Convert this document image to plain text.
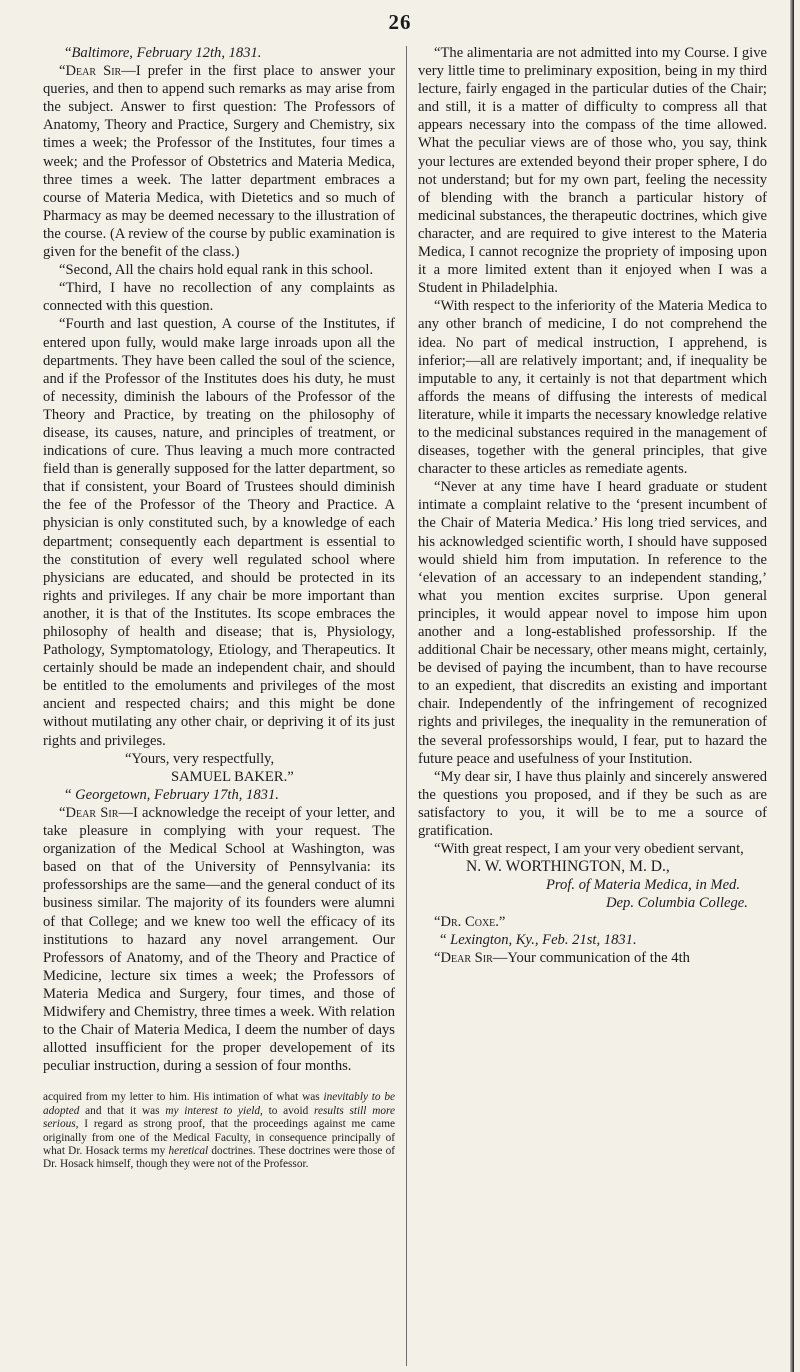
26

“Baltimore, February 12th, 1831.

“Dear Sir—I prefer in the first place to answer your queries, and then to append such remarks as may arise from the subject. Answer to first question: The Professors of Anatomy, Theory and Practice, Surgery and Chemistry, six times a week; the Professor of the Institutes, four times a week; and the Professor of Obstetrics and Materia Medica, three times a week. The latter department embraces a course of Materia Medica, with Dietetics and so much of Pharmacy as may be deemed necessary to the illustration of the course. (A review of the course by public examination is given for the benefit of the class.)

“Second, All the chairs hold equal rank in this school.

“Third, I have no recollection of any complaints as connected with this question.

“Fourth and last question, A course of the Institutes, if entered upon fully, would make large inroads upon all the departments. They have been called the soul of the science, and if the Professor of the Institutes does his duty, he must of necessity, diminish the labours of the Professor of the Theory and Practice, by treating on the philosophy of disease, its causes, nature, and principles of treatment, or indications of cure. Thus leaving a much more contracted field than is generally supposed for the latter department, so that if consistent, your Board of Trustees should diminish the fee of the Professor of the Theory and Practice. A physician is only constituted such, by a knowledge of each department; consequently each department is essential to the constitution of every well regulated school where physicians are educated, and should be protected in its rights and privileges. If any chair be more important than another, it is that of the Institutes. Its scope embraces the philosophy of health and disease; that is, Physiology, Pathology, Symptomatology, Etiology, and Therapeutics. It certainly should be made an independent chair, and should be entitled to the emoluments and privileges of the most ancient and respected chairs; and this might be done without mutilating any other chair, or depriving it of its just rights and privileges.

“Yours, very respectfully,

SAMUEL BAKER.”

“ Georgetown, February 17th, 1831.

“Dear Sir—I acknowledge the receipt of your letter, and take pleasure in complying with your request. The organization of the Medical School at Washington, was based on that of the University of Pennsylvania: its professorships are the same—and the general conduct of its business similar. The majority of its founders were alumni of that College; and we knew too well the efficacy of its institutions to hazard any novel arrangement. Our Professors of Anatomy, and of the Theory and Practice of Medicine, lecture six times a week; the Professors of Materia Medica and Surgery, four times, and those of Midwifery and Chemistry, three times a week. With relation to the Chair of Materia Medica, I deem the number of days allotted insufficient for the proper developement of its peculiar instruction, during a session of four months.

acquired from my letter to him. His intimation of what was inevitably to be adopted and that it was my interest to yield, to avoid results still more serious, I regard as strong proof, that the proceedings against me came originally from one of the Medical Faculty, in consequence principally of what Dr. Hosack terms my heretical doctrines. These doctrines were those of Dr. Hosack himself, though they were not of the Professor.

“The alimentaria are not admitted into my Course. I give very little time to preliminary exposition, being in my third lecture, fairly engaged in the particular duties of the Chair; and still, it is a matter of difficulty to compress all that appears necessary into the compass of the time allowed. What the peculiar views are of those who, you say, think your lectures are extended beyond their proper sphere, I do not understand; but for my own part, feeling the necessity of blending with the branch a particular history of medicinal substances, the therapeutic doctrines, which give character, and are required to give interest to the Materia Medica, I cannot recognize the propriety of imposing upon it a more limited extent than it enjoyed when I was a Student in Philadelphia.

“With respect to the inferiority of the Materia Medica to any other branch of medicine, I do not comprehend the idea. No part of medical instruction, I apprehend, is inferior;—all are relatively important; and, if inequality be imputable to any, it certainly is not that department which affords the means of diffusing the interests of medical literature, while it imparts the necessary knowledge relative to the medicinal substances required in the management of diseases, together with the general principles, that give character to these articles as remediate agents.

“Never at any time have I heard graduate or student intimate a complaint relative to the ‘present incumbent of the Chair of Materia Medica.’ His long tried services, and his acknowledged scientific worth, I should have supposed would shield him from imputation. In reference to the ‘elevation of an accessary to an independent standing,’ what you mention excites surprise. Upon general principles, it would appear novel to impose him upon another and a long-established professorship. If the additional Chair be necessary, other means might, certainly, be devised of paying the incumbent, than to have recourse to an expedient, that discredits an existing and important chair. Independently of the infringement of recognized rights and privileges, the inequality in the remuneration of the several professorships would, I fear, put to hazard the future peace and usefulness of your Institution.

“My dear sir, I have thus plainly and sincerely answered the questions you proposed, and if they be such as are satisfactory to you, it will be to me a source of gratification.

“With great respect, I am your very obedient servant,

N. W. WORTHINGTON, M. D.,

Prof. of Materia Medica, in Med.

Dep. Columbia College.

“Dr. Coxe.”

“ Lexington, Ky., Feb. 21st, 1831.

“Dear Sir—Your communication of the 4th
